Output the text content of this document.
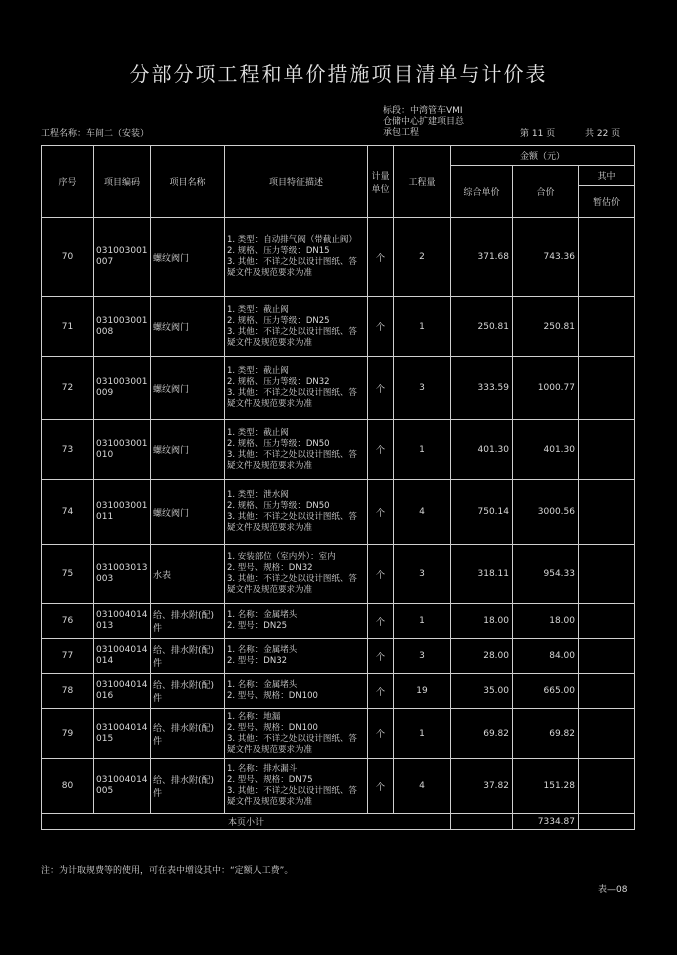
分部分项工程和单价措施项目清单与计价表
标段：中湾管车VMI
仓储中心扩建项目总
承包工程
工程名称：车间二（安装）	第 11 页	共 22 页
序号	项目编码	项目名称	项目特征描述	计量单位	工程量	金额（元）		
						综合单价	合价	其中
								暂估价
70	031003001007	螺纹阀门	1. 类型：自动排气阀（带截止阀）
2. 规格、压力等级：DN15
3. 其他：不详之处以设计图纸、答疑文件及规范要求为准	个	2	371.68	743.36	
71	031003001008	螺纹阀门	1. 类型：截止阀
2. 规格、压力等级：DN25
3. 其他：不详之处以设计图纸、答疑文件及规范要求为准	个	1	250.81	250.81	
72	031003001009	螺纹阀门	1. 类型：截止阀
2. 规格、压力等级：DN32
3. 其他：不详之处以设计图纸、答疑文件及规范要求为准	个	3	333.59	1000.77	
73	031003001010	螺纹阀门	1. 类型：截止阀
2. 规格、压力等级：DN50
3. 其他：不详之处以设计图纸、答疑文件及规范要求为准	个	1	401.30	401.30	
74	031003001011	螺纹阀门	1. 类型：泄水阀
2. 规格、压力等级：DN50
3. 其他：不详之处以设计图纸、答疑文件及规范要求为准	个	4	750.14	3000.56	
75	031003013003	水表	1. 安装部位（室内外）：室内
2. 型号、规格：DN32
3. 其他：不详之处以设计图纸、答疑文件及规范要求为准	个	3	318.11	954.33	
76	031004014013	给、排水附(配)件	1. 名称：金属堵头
2. 型号：DN25	个	1	18.00	18.00	
77	031004014014	给、排水附(配)件	1. 名称：金属堵头
2. 型号：DN32	个	3	28.00	84.00	
78	031004014016	给、排水附(配)件	1. 名称：金属堵头
2. 型号、规格：DN100	个	19	35.00	665.00	
79	031004014015	给、排水附(配)件	1. 名称：地漏
2. 型号、规格：DN100
3. 其他：不详之处以设计图纸、答疑文件及规范要求为准	个	1	69.82	69.82	
80	031004014005	给、排水附(配)件	1. 名称：排水漏斗
2. 型号、规格：DN75
3. 其他：不详之处以设计图纸、答疑文件及规范要求为准	个	4	37.82	151.28	
本页小计							7334.87	
注：为计取规费等的使用，可在表中增设其中：“定额人工费”。
表—08
